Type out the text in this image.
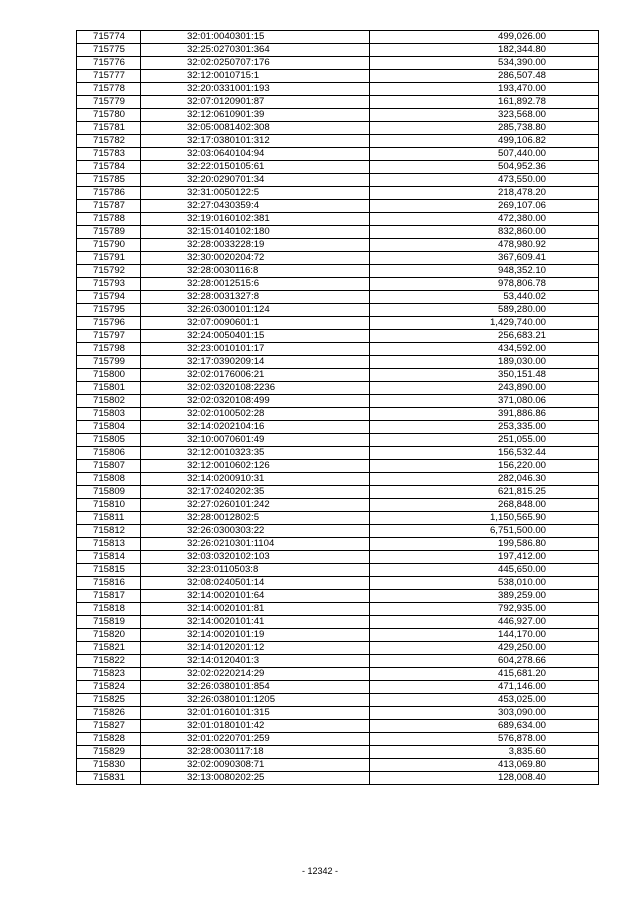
715774	32:01:0040301:15	499,026.00
715775	32:25:0270301:364	182,344.80
715776	32:02:0250707:176	534,390.00
715777	32:12:0010715:1	286,507.48
715778	32:20:0331001:193	193,470.00
715779	32:07:0120901:87	161,892.78
715780	32:12:0610901:39	323,568.00
715781	32:05:0081402:308	285,738.80
715782	32:17:0380101:312	499,106.82
715783	32:03:0640104:94	507,440.00
715784	32:22:0150105:61	504,952.36
715785	32:20:0290701:34	473,550.00
715786	32:31:0050122:5	218,478.20
715787	32:27:0430359:4	269,107.06
715788	32:19:0160102:381	472,380.00
715789	32:15:0140102:180	832,860.00
715790	32:28:0033228:19	478,980.92
715791	32:30:0020204:72	367,609.41
715792	32:28:0030116:8	948,352.10
715793	32:28:0012515:6	978,806.78
715794	32:28:0031327:8	53,440.02
715795	32:26:0300101:124	589,280.00
715796	32:07:0090601:1	1,429,740.00
715797	32:24:0050401:15	256,683.21
715798	32:23:0010101:17	434,592.00
715799	32:17:0390209:14	189,030.00
715800	32:02:0176006:21	350,151.48
715801	32:02:0320108:2236	243,890.00
715802	32:02:0320108:499	371,080.06
715803	32:02:0100502:28	391,886.86
715804	32:14:0202104:16	253,335.00
715805	32:10:0070601:49	251,055.00
715806	32:12:0010323:35	156,532.44
715807	32:12:0010602:126	156,220.00
715808	32:14:0200910:31	282,046.30
715809	32:17:0240202:35	621,815.25
715810	32:27:0260101:242	268,848.00
715811	32:28:0012802:5	1,150,565.90
715812	32:26:0300303:22	6,751,500.00
715813	32:26:0210301:1104	199,586.80
715814	32:03:0320102:103	197,412.00
715815	32:23:0110503:8	445,650.00
715816	32:08:0240501:14	538,010.00
715817	32:14:0020101:64	389,259.00
715818	32:14:0020101:81	792,935.00
715819	32:14:0020101:41	446,927.00
715820	32:14:0020101:19	144,170.00
715821	32:14:0120201:12	429,250.00
715822	32:14:0120401:3	604,278.66
715823	32:02:0220214:29	415,681.20
715824	32:26:0380101:854	471,146.00
715825	32:26:0380101:1205	453,025.00
715826	32:01:0160101:315	303,090.00
715827	32:01:0180101:42	689,634.00
715828	32:01:0220701:259	576,878.00
715829	32:28:0030117:18	3,835.60
715830	32:02:0090308:71	413,069.80
715831	32:13:0080202:25	128,008.40
- 12342 -
